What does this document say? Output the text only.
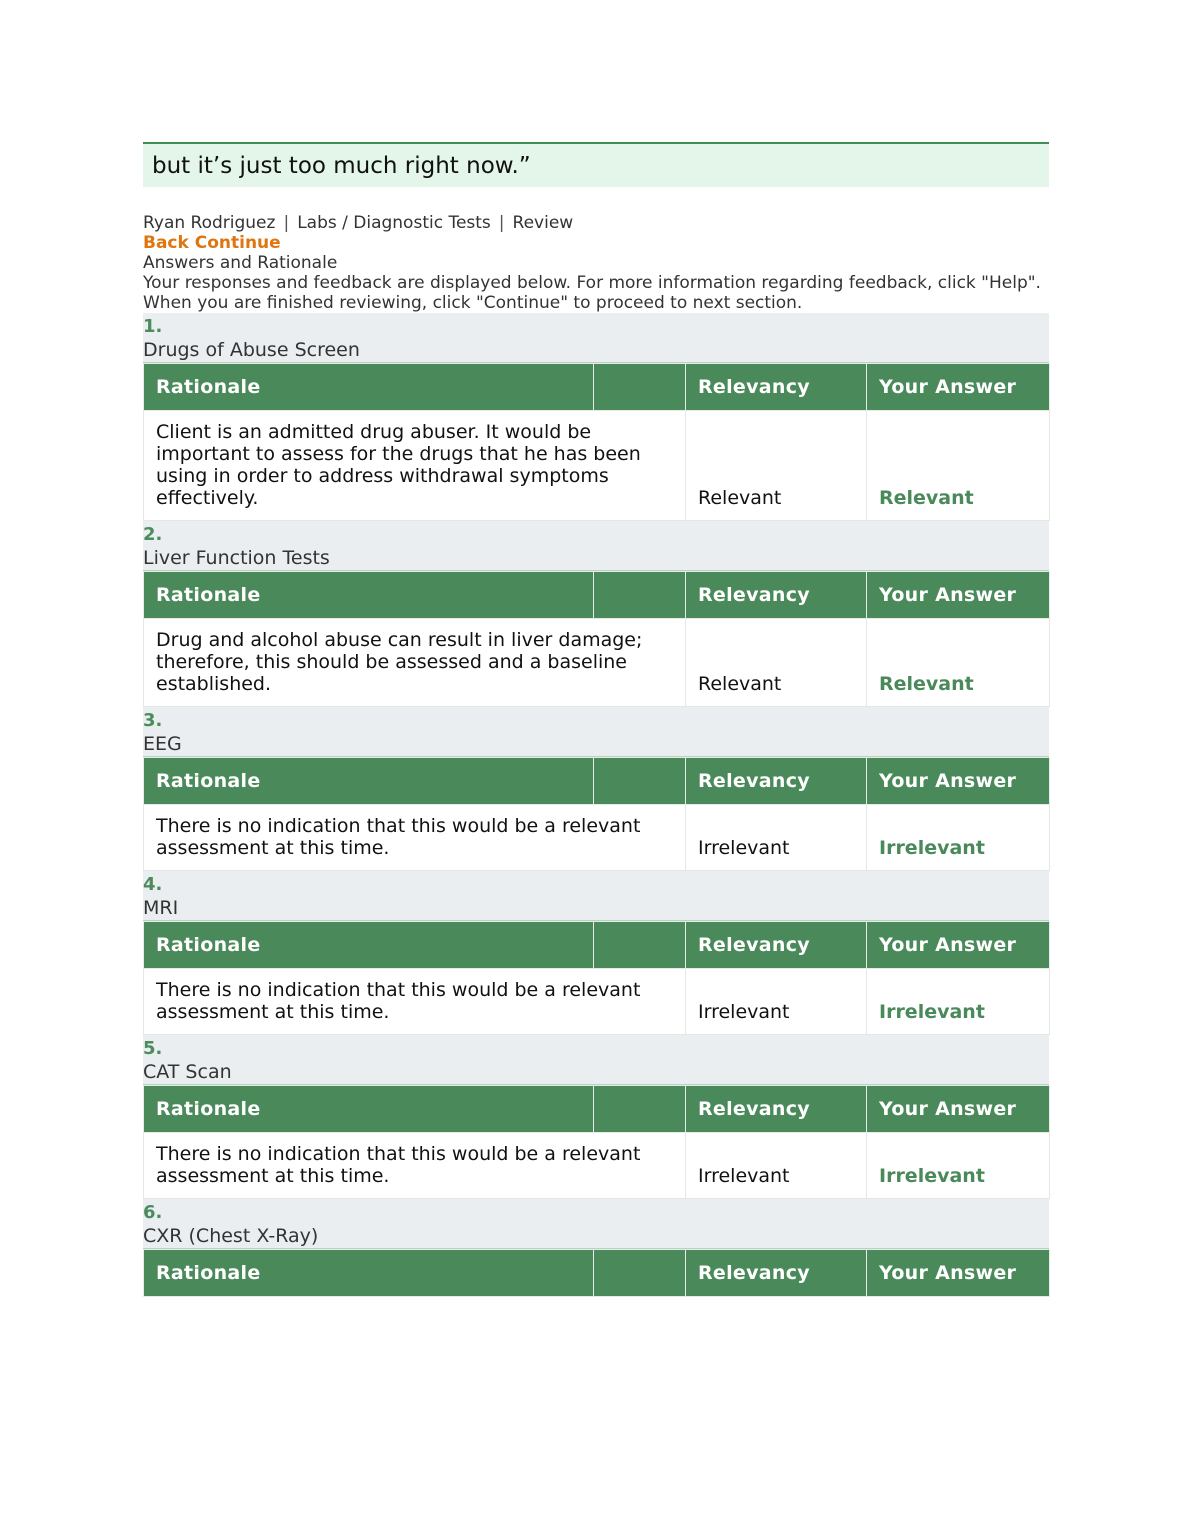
but it’s just too much right now.”
Ryan Rodriguez | Labs / Diagnostic Tests | Review
Back Continue
Answers and Rationale
Your responses and feedback are displayed below. For more information regarding feedback, click "Help".
When you are finished reviewing, click "Continue" to proceed to next section.
1.
Drugs of Abuse Screen
Rationale		Relevancy	Your Answer
Client is an admitted drug abuser. It would be important to assess for the drugs that he has been using in order to address withdrawal symptoms effectively.		Relevant	Relevant
2.
Liver Function Tests
Rationale		Relevancy	Your Answer
Drug and alcohol abuse can result in liver damage; therefore, this should be assessed and a baseline established.		Relevant	Relevant
3.
EEG
Rationale		Relevancy	Your Answer
There is no indication that this would be a relevant assessment at this time.		Irrelevant	Irrelevant
4.
MRI
Rationale		Relevancy	Your Answer
There is no indication that this would be a relevant assessment at this time.		Irrelevant	Irrelevant
5.
CAT Scan
Rationale		Relevancy	Your Answer
There is no indication that this would be a relevant assessment at this time.		Irrelevant	Irrelevant
6.
CXR (Chest X-Ray)
Rationale		Relevancy	Your Answer
